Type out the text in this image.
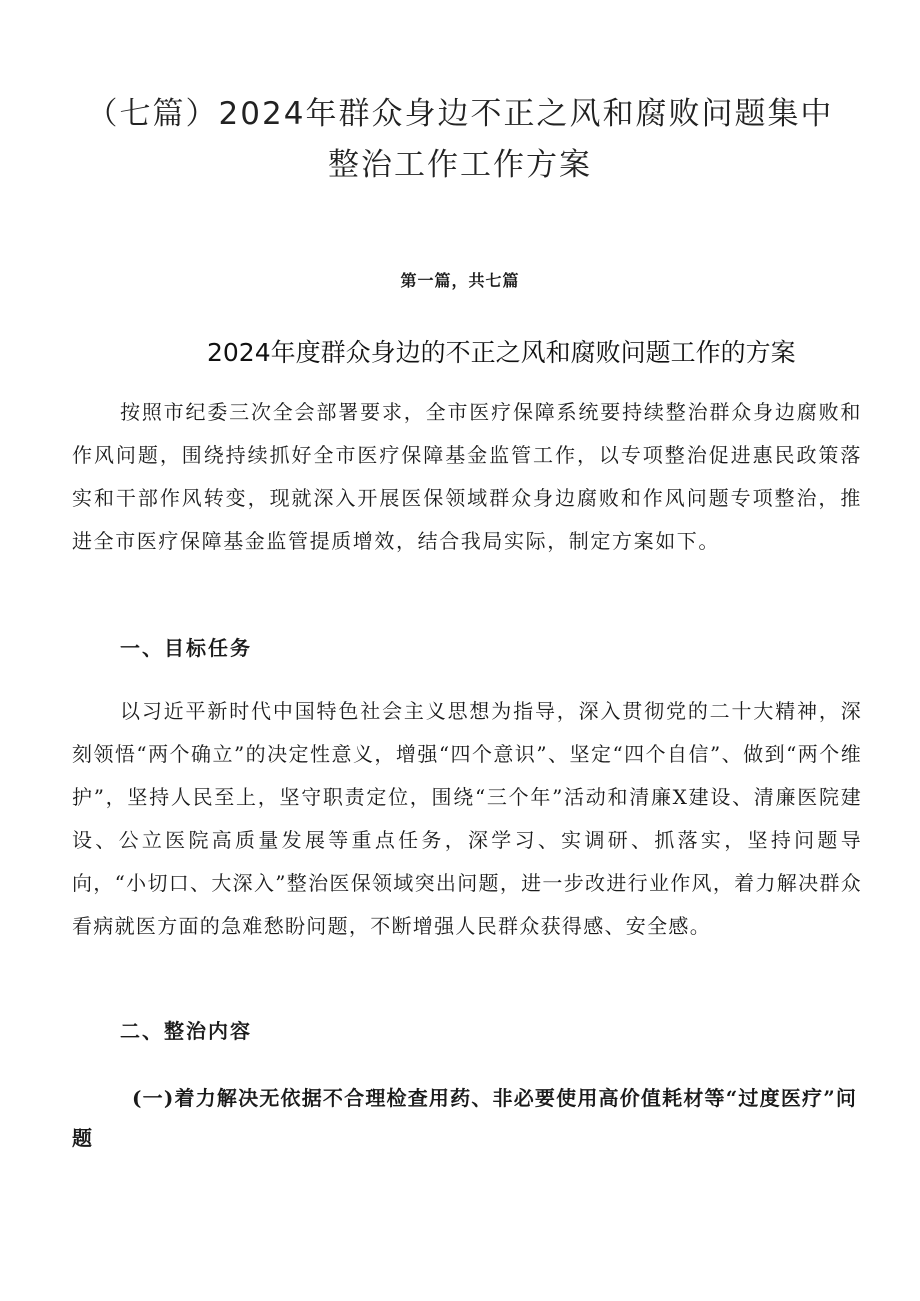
（七篇）2024年群众身边不正之风和腐败问题集中
整治工作工作方案
第一篇，共七篇
2024年度群众身边的不正之风和腐败问题工作的方案

按照市纪委三次全会部署要求，全市医疗保障系统要持续整治群众身边腐败和作风问题，围绕持续抓好全市医疗保障基金监管工作，以专项整治促进惠民政策落实和干部作风转变，现就深入开展医保领域群众身边腐败和作风问题专项整治，推进全市医疗保障基金监管提质增效，结合我局实际，制定方案如下。

一、目标任务

以习近平新时代中国特色社会主义思想为指导，深入贯彻党的二十大精神，深刻领悟“两个确立”的决定性意义，增强“四个意识”、坚定“四个自信”、做到“两个维护”，坚持人民至上，坚守职责定位，围绕“三个年”活动和清廉X建设、清廉医院建设、公立医院高质量发展等重点任务，深学习、实调研、抓落实，坚持问题导向，“小切口、大深入”整治医保领域突出问题，进一步改进行业作风，着力解决群众看病就医方面的急难愁盼问题，不断增强人民群众获得感、安全感。

二、整治内容

(一)着力解决无依据不合理检查用药、非必要使用高价值耗材等“过度医疗”问题
